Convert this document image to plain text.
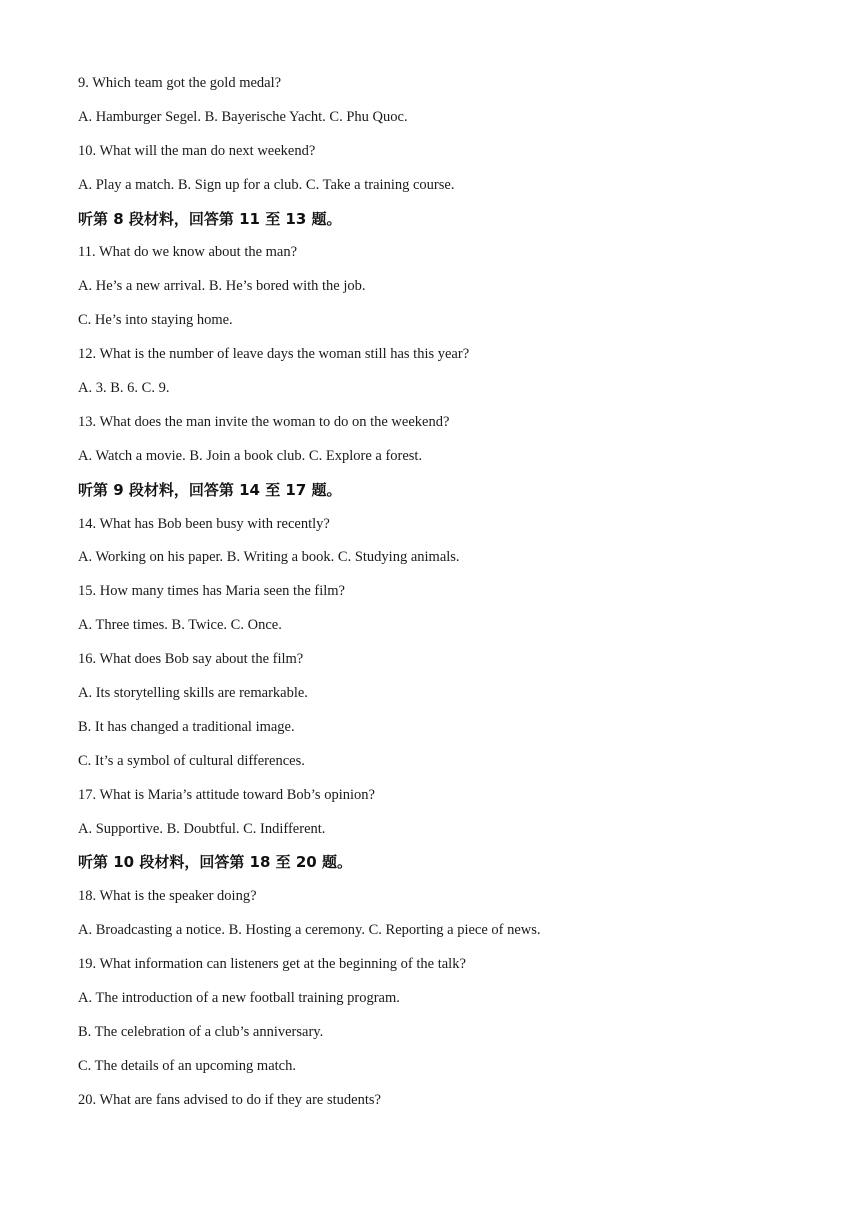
9. Which team got the gold medal?
A. Hamburger Segel. B. Bayerische Yacht. C. Phu Quoc.
10. What will the man do next weekend?
A. Play a match. B. Sign up for a club. C. Take a training course.
听第 8 段材料，回答第 11 至 13 题。
11. What do we know about the man?
A. He’s a new arrival. B. He’s bored with the job.
C. He’s into staying home.
12. What is the number of leave days the woman still has this year?
A. 3. B. 6. C. 9.
13. What does the man invite the woman to do on the weekend?
A. Watch a movie. B. Join a book club. C. Explore a forest.
听第 9 段材料，回答第 14 至 17 题。
14. What has Bob been busy with recently?
A. Working on his paper. B. Writing a book. C. Studying animals.
15. How many times has Maria seen the film?
A. Three times. B. Twice. C. Once.
16. What does Bob say about the film?
A. Its storytelling skills are remarkable.
B. It has changed a traditional image.
C. It’s a symbol of cultural differences.
17. What is Maria’s attitude toward Bob’s opinion?
A. Supportive. B. Doubtful. C. Indifferent.
听第 10 段材料，回答第 18 至 20 题。
18. What is the speaker doing?
A. Broadcasting a notice. B. Hosting a ceremony. C. Reporting a piece of news.
19. What information can listeners get at the beginning of the talk?
A. The introduction of a new football training program.
B. The celebration of a club’s anniversary.
C. The details of an upcoming match.
20. What are fans advised to do if they are students?
